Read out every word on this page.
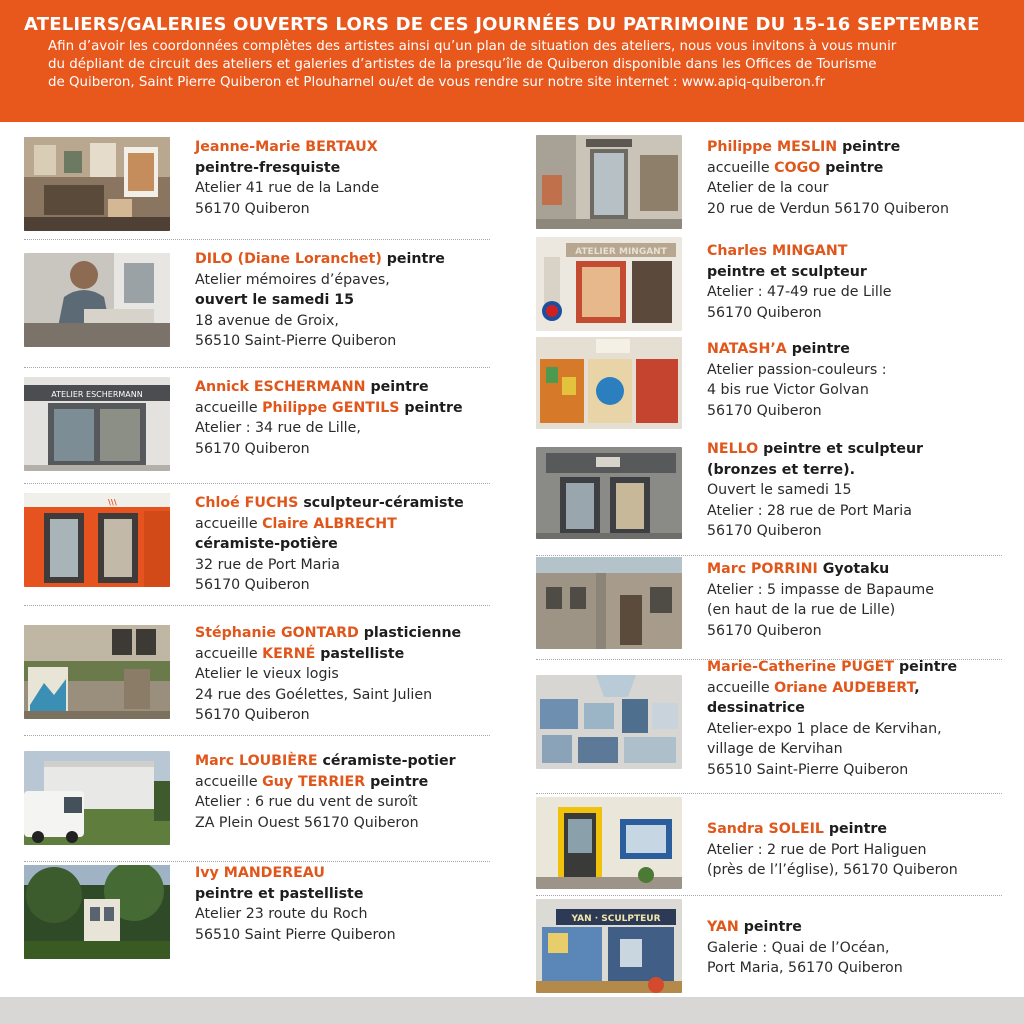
ATELIERS/GALERIES OUVERTS LORS DE CES JOURNÉES DU PATRIMOINE DU 15-16 SEPTEMBRE
Afin d’avoir les coordonnées complètes des artistes ainsi qu’un plan de situation des ateliers, nous vous invitons à vous munir
du dépliant de circuit des ateliers et galeries d’artistes de la presqu’île de Quiberon disponible dans les Offices de Tourisme
de Quiberon, Saint Pierre Quiberon et Plouharnel ou/et de vous rendre sur notre site internet : www.apiq-quiberon.fr
Jeanne-Marie BERTAUX
peintre-fresquiste
Atelier 41 rue de la Lande
56170 Quiberon
DILO (Diane Loranchet) peintre
Atelier mémoires d’épaves,
ouvert le samedi 15
18 avenue de Groix,
56510 Saint-Pierre Quiberon
ATELIER ESCHERMANN	Annick ESCHERMANN peintre
accueille Philippe GENTILS peintre
Atelier : 34 rue de Lille,
56170 Quiberon
\\\	Chloé FUCHS sculpteur-céramiste
accueille Claire ALBRECHT
céramiste-potière
32 rue de Port Maria
56170 Quiberon
Stéphanie GONTARD plasticienne
accueille KERNÉ pastelliste
Atelier le vieux logis
24 rue des Goélettes, Saint Julien
56170 Quiberon
Marc LOUBIÈRE céramiste-potier
accueille Guy TERRIER peintre
Atelier : 6 rue du vent de suroît
ZA Plein Ouest 56170 Quiberon
Ivy MANDEREAU
peintre et pastelliste
Atelier 23 route du Roch
56510 Saint Pierre Quiberon
Philippe MESLIN peintre
accueille COGO peintre
Atelier de la cour
20 rue de Verdun 56170 Quiberon
ATELIER MINGANT	Charles MINGANT
peintre et sculpteur
Atelier : 47-49 rue de Lille
56170 Quiberon
NATASH’A peintre
Atelier passion-couleurs :
4 bis rue Victor Golvan
56170 Quiberon
NELLO peintre et sculpteur
(bronzes et terre).
Ouvert le samedi 15
Atelier : 28 rue de Port Maria
56170 Quiberon
Marc PORRINI Gyotaku
Atelier : 5 impasse de Bapaume
(en haut de la rue de Lille)
56170 Quiberon
Marie-Catherine PUGET peintre
accueille Oriane AUDEBERT,
dessinatrice
Atelier-expo 1 place de Kervihan,
village de Kervihan
56510 Saint-Pierre Quiberon
Sandra SOLEIL peintre
Atelier : 2 rue de Port Haliguen
(près de l’l’église), 56170 Quiberon
YAN · SCULPTEUR	YAN peintre
Galerie : Quai de l’Océan,
Port Maria, 56170 Quiberon
